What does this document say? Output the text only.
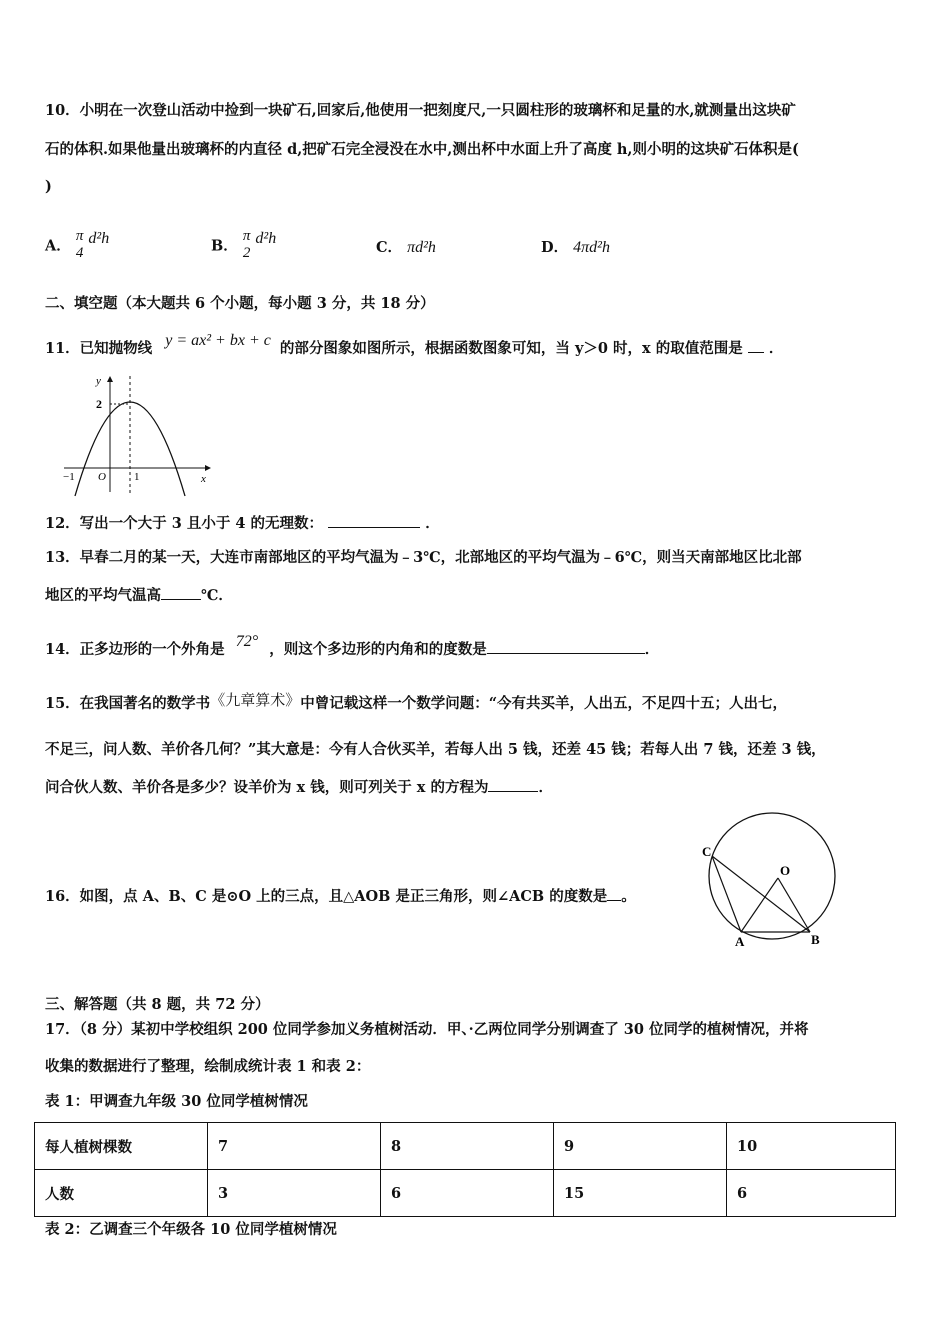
10．小明在一次登山活动中捡到一块矿石,回家后,他使用一把刻度尺,一只圆柱形的玻璃杯和足量的水,就测量出这块矿
石的体积.如果他量出玻璃杯的内直径 d,把矿石完全浸没在水中,测出杯中水面上升了高度 h,则小明的这块矿石体积是(
)
A．
π
4
d²h	B．
π
2
d²h
C． πd²h	D． 4πd²h
二、填空题（本大题共 6 个小题，每小题 3 分，共 18 分）
11．已知抛物线 y = ax² + bx + c 的部分图象如图所示，根据函数图象可知，当 y＞0 时，x 的取值范围是 ．
y
x
2
−1 O	1
12．写出一个大于 3 且小于 4 的无理数：	．
13．早春二月的某一天，大连市南部地区的平均气温为﹣3℃，北部地区的平均气温为﹣6℃，则当天南部地区比北部
地区的平均气温高	℃．
14．正多边形的一个外角是 72° ，则这个多边形的内角和的度数是	．
15．在我国著名的数学书《九章算术》中曾记载这样一个数学问题：“今有共买羊，人出五，不足四十五；人出七，
不足三，问人数、羊价各几何？”其大意是：今有人合伙买羊，若每人出 5 钱，还差 45 钱；若每人出 7 钱，还差 3 钱，
问合伙人数、羊价各是多少？设羊价为 x 钱，则可列关于 x 的方程为	．
16．如图，点 A、B、C 是⊙O 上的三点，且△AOB 是正三角形，则∠ACB 的度数是 。
C
O
A	B
三、解答题（共 8 题，共 72 分）
17．（8 分）某初中学校组织 200 位同学参加义务植树活动．甲、·乙两位同学分别调查了 30 位同学的植树情况，并将
收集的数据进行了整理，绘制成统计表 1 和表 2：
表 1：甲调查九年级 30 位同学植树情况
每人植树棵数	7	8	9	10
人数	3	6	15	6
表 2：乙调查三个年级各 10 位同学植树情况
